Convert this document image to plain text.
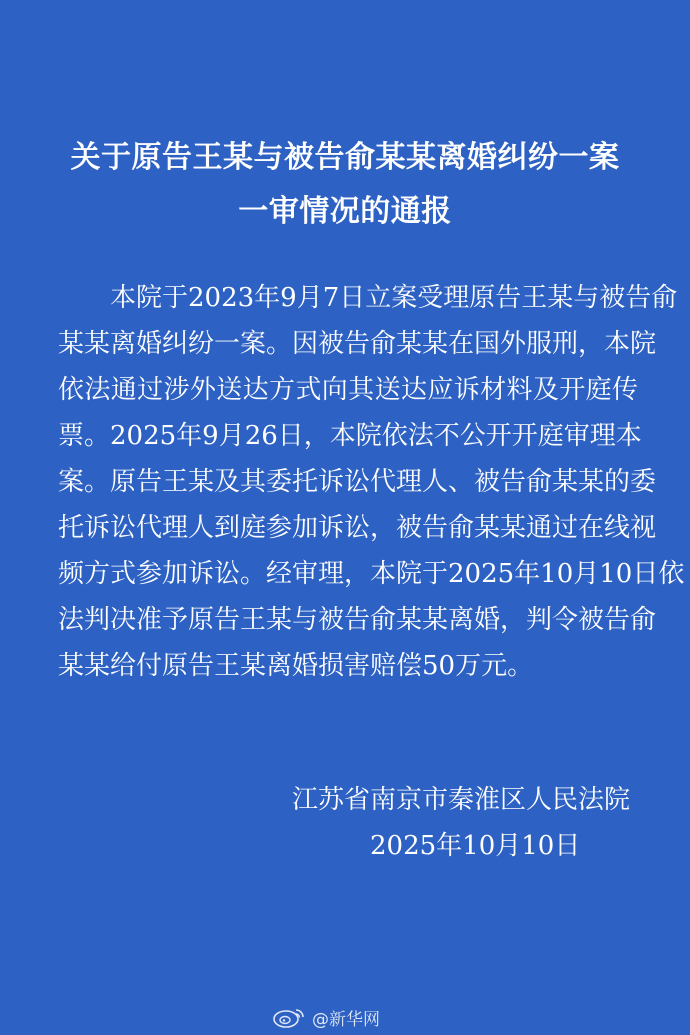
关于原告王某与被告俞某某离婚纠纷一案
一审情况的通报
本院于2023年9月7日立案受理原告王某与被告俞
某某离婚纠纷一案。因被告俞某某在国外服刑，本院
依法通过涉外送达方式向其送达应诉材料及开庭传
票。2025年9月26日，本院依法不公开开庭审理本
案。原告王某及其委托诉讼代理人、被告俞某某的委
托诉讼代理人到庭参加诉讼，被告俞某某通过在线视
频方式参加诉讼。经审理，本院于2025年10月10日依
法判决准予原告王某与被告俞某某离婚，判令被告俞
某某给付原告王某离婚损害赔偿50万元。
江苏省南京市秦淮区人民法院
2025年10月10日
@新华网
